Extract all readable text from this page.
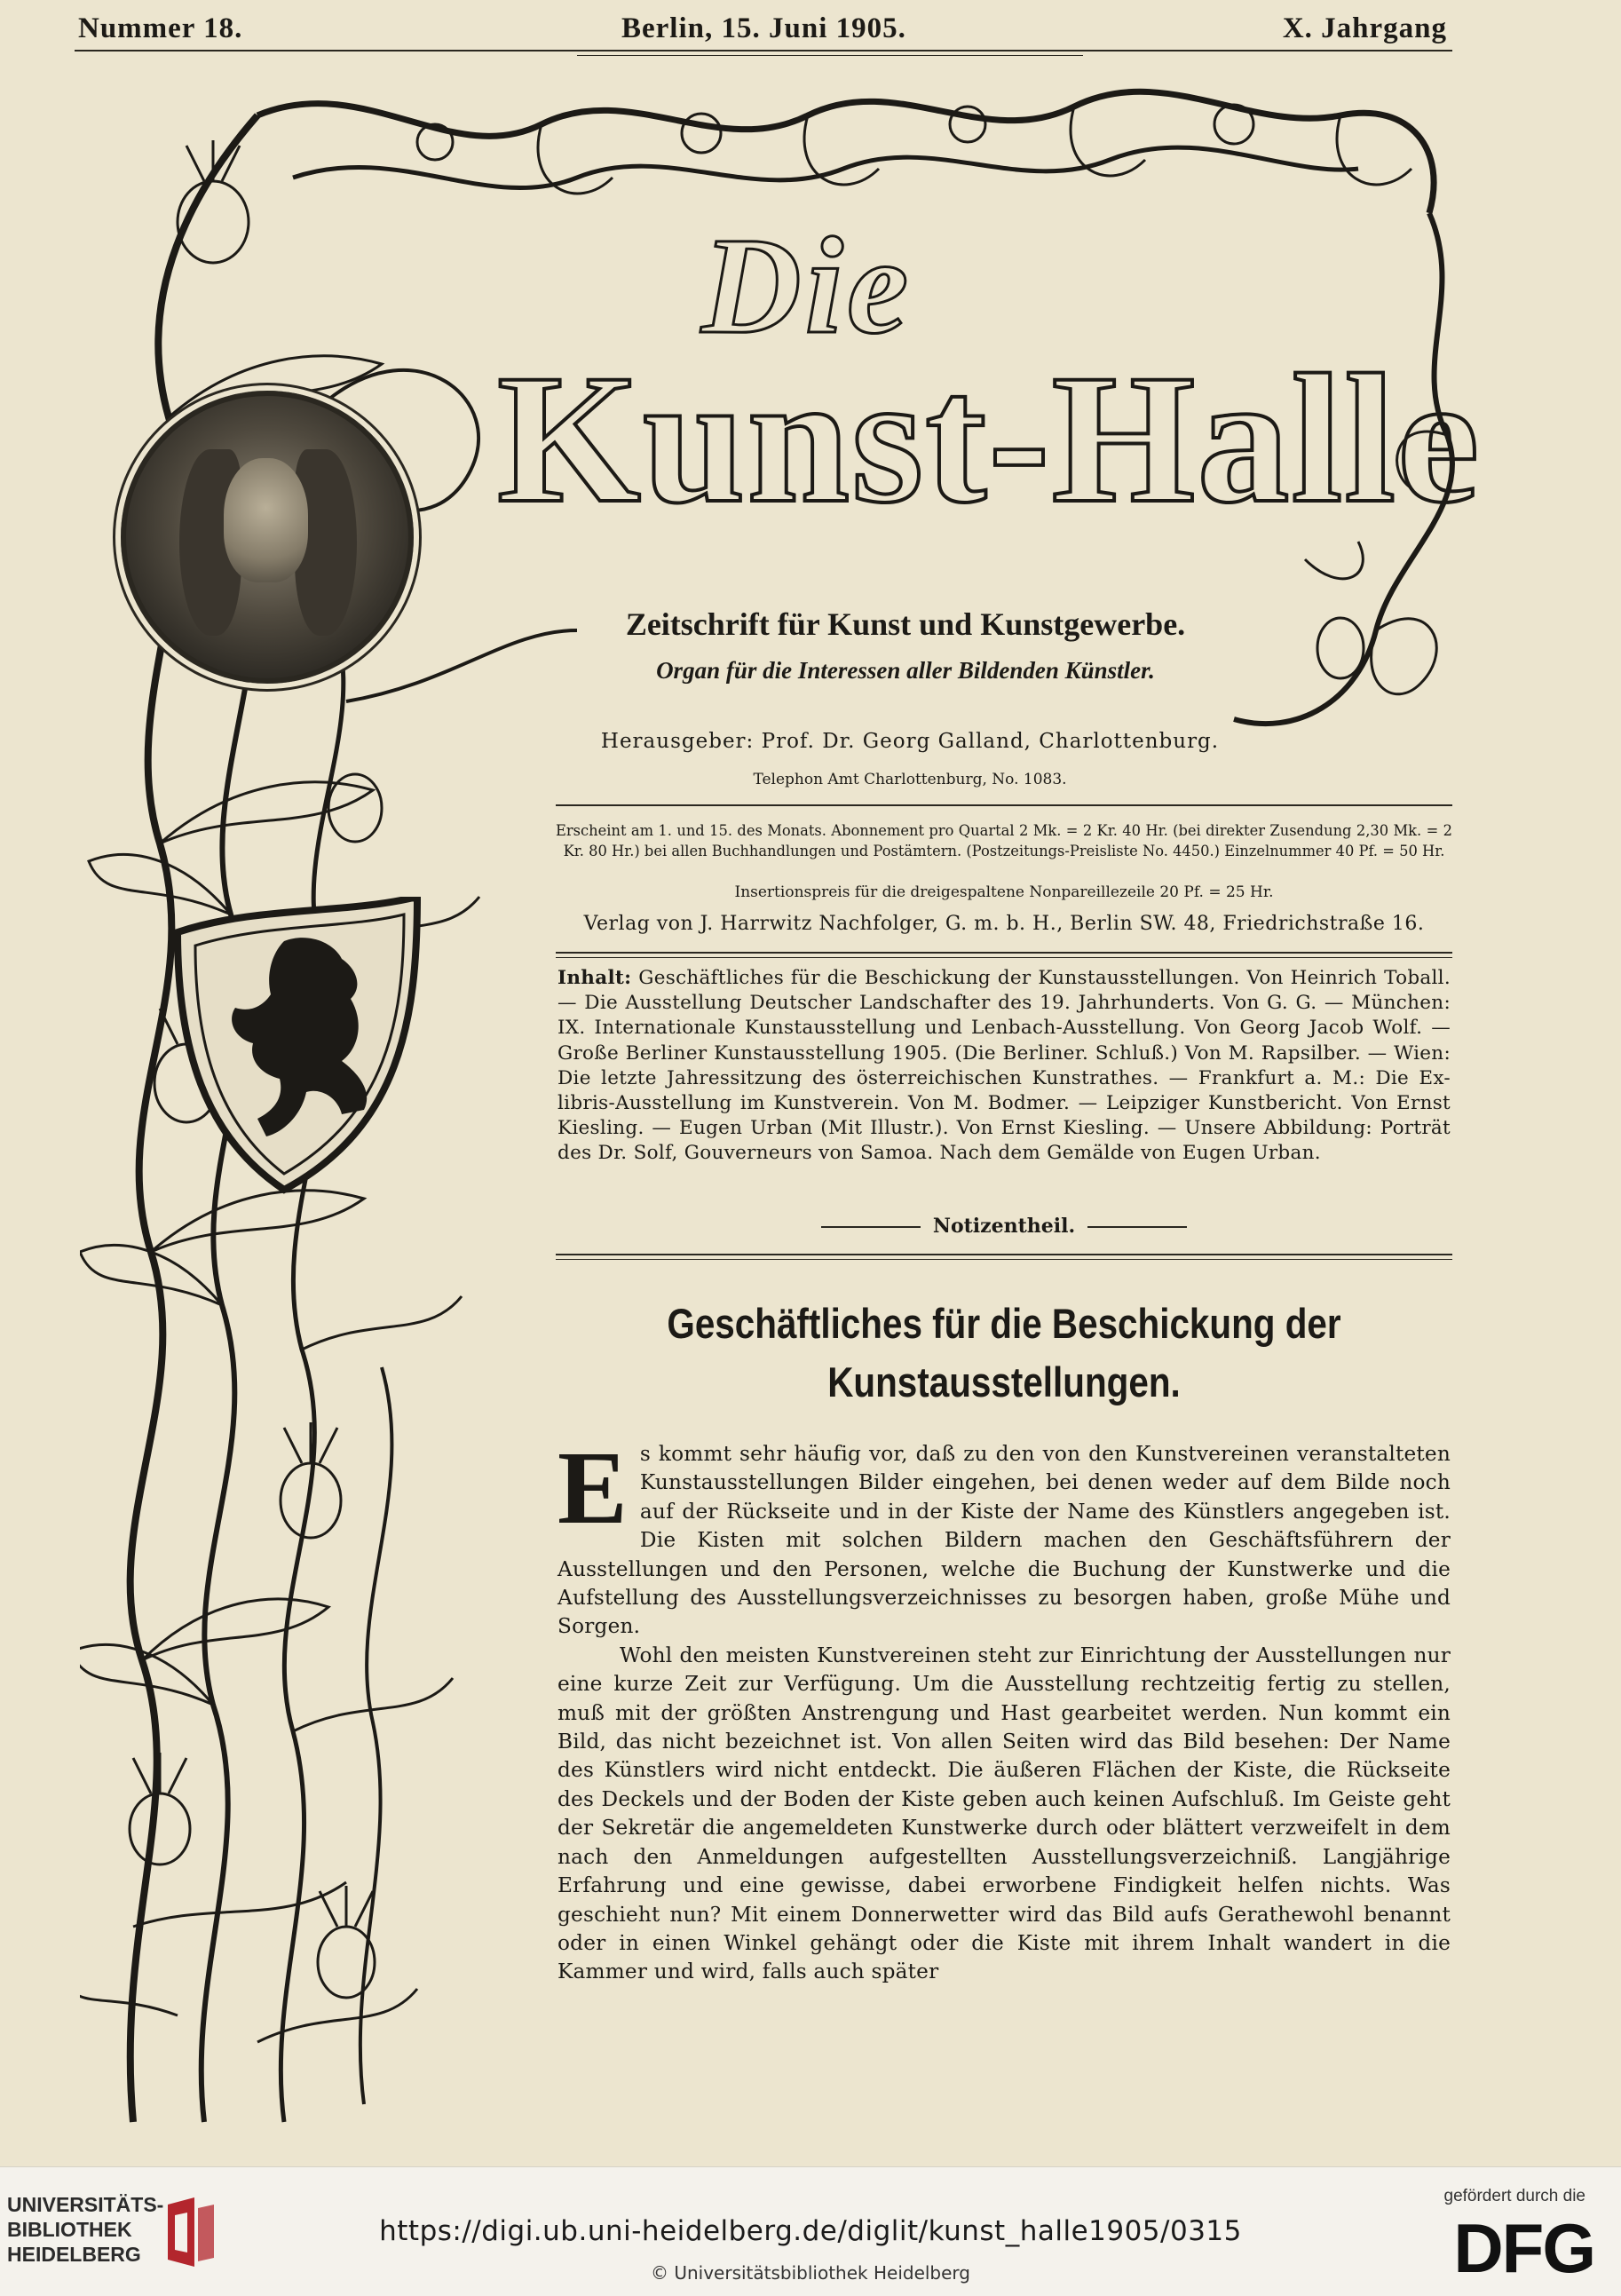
Nummer 18.	Berlin, 15. Juni 1905.	X. Jahrgang
Die
Kunst-Halle
Zeitschrift für Kunst und Kunstgewerbe.
Organ für die Interessen aller Bildenden Künstler.
Herausgeber: Prof. Dr. Georg Galland, Charlottenburg.
Telephon Amt Charlottenburg, No. 1083.
Erscheint am 1. und 15. des Monats. Abonnement pro Quartal 2 Mk. = 2 Kr. 40 Hr. (bei direkter Zusendung 2,30 Mk. = 2 Kr. 80 Hr.) bei allen Buchhandlungen und Postämtern. (Postzeitungs-Preisliste No. 4450.) Einzelnummer 40 Pf. = 50 Hr.
Insertionspreis für die dreigespaltene Nonpareillezeile 20 Pf. = 25 Hr.
Verlag von J. Harrwitz Nachfolger, G. m. b. H., Berlin SW. 48, Friedrichstraße 16.
Inhalt: Geschäftliches für die Beschickung der Kunstausstellungen. Von Heinrich Toball. — Die Ausstellung Deutscher Landschafter des 19. Jahrhunderts. Von G. G. — München: IX. Internationale Kunstausstellung und Lenbach-Ausstellung. Von Georg Jacob Wolf. — Große Berliner Kunstausstellung 1905. (Die Berliner. Schluß.) Von M. Rapsilber. — Wien: Die letzte Jahressitzung des österreichischen Kunstrathes. — Frankfurt a. M.: Die Ex-libris-Ausstellung im Kunstverein. Von M. Bodmer. — Leipziger Kunstbericht. Von Ernst Kiesling. — Eugen Urban (Mit Illustr.). Von Ernst Kiesling. — Unsere Abbildung: Porträt des Dr. Solf, Gouverneurs von Samoa. Nach dem Gemälde von Eugen Urban.
Notizentheil.
Geschäftliches für die Beschickung der
Kunstausstellungen.

Es kommt sehr häufig vor, daß zu den von den Kunstvereinen veranstalteten Kunstausstellungen Bilder eingehen, bei denen weder auf dem Bilde noch auf der Rückseite und in der Kiste der Name des Künstlers angegeben ist. Die Kisten mit solchen Bildern machen den Geschäftsführern der Ausstellungen und den Personen, welche die Buchung der Kunstwerke und die Aufstellung des Ausstellungsverzeichnisses zu besorgen haben, große Mühe und Sorgen.

Wohl den meisten Kunstvereinen steht zur Einrichtung der Ausstellungen nur eine kurze Zeit zur Verfügung. Um die Ausstellung rechtzeitig fertig zu stellen, muß mit der größten Anstrengung und Hast gearbeitet werden. Nun kommt ein Bild, das nicht bezeichnet ist. Von allen Seiten wird das Bild besehen: Der Name des Künstlers wird nicht entdeckt. Die äußeren Flächen der Kiste, die Rückseite des Deckels und der Boden der Kiste geben auch keinen Aufschluß. Im Geiste geht der Sekretär die angemeldeten Kunstwerke durch oder blättert verzweifelt in dem nach den Anmeldungen aufgestellten Ausstellungsverzeichniß. Langjährige Erfahrung und eine gewisse, dabei erworbene Findigkeit helfen nichts. Was geschieht nun? Mit einem Donnerwetter wird das Bild aufs Gerathewohl benannt oder in einen Winkel gehängt oder die Kiste mit ihrem Inhalt wandert in die Kammer und wird, falls auch später

UNIVERSITÄTS-
BIBLIOTHEK
HEIDELBERG
https://digi.ub.uni-heidelberg.de/diglit/kunst_halle1905/0315
© Universitätsbibliothek Heidelberg
gefördert durch die
DFG
